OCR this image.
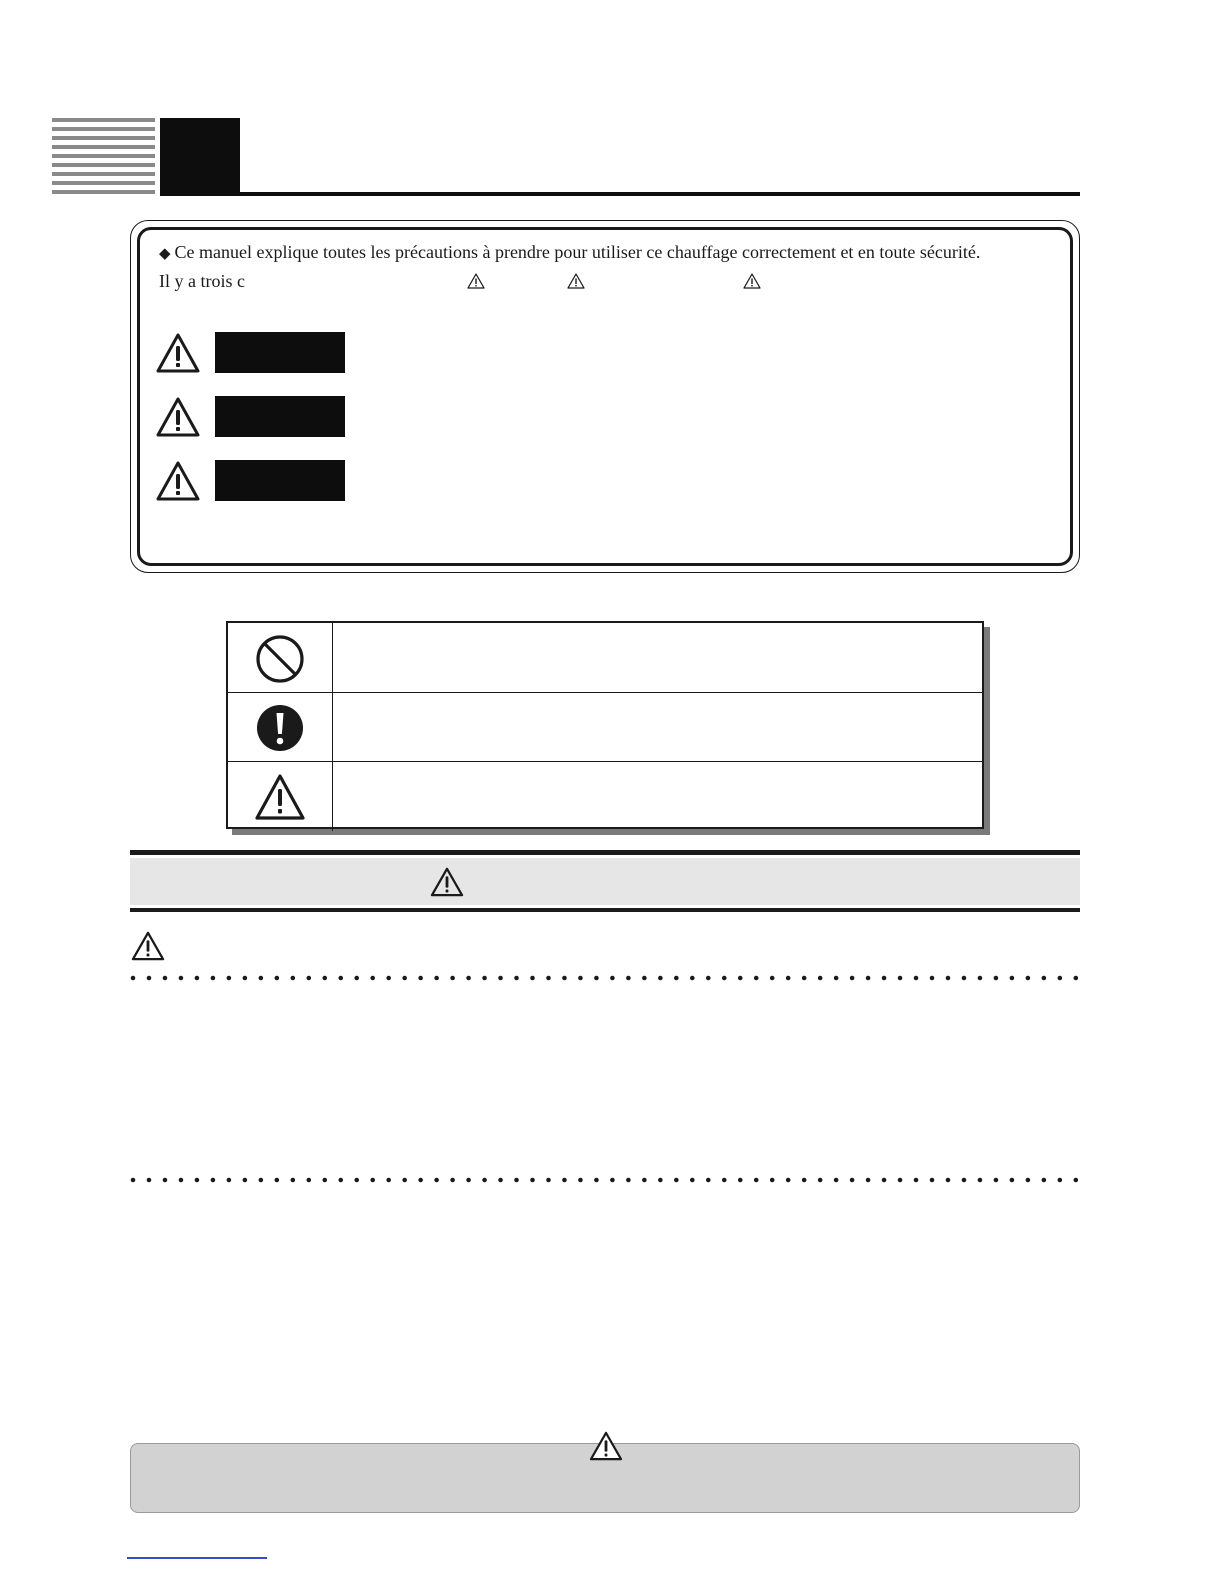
◆ Ce manuel explique toutes les précautions à prendre pour utiliser ce chauffage correctement et en toute sécurité.
Il y a trois c
